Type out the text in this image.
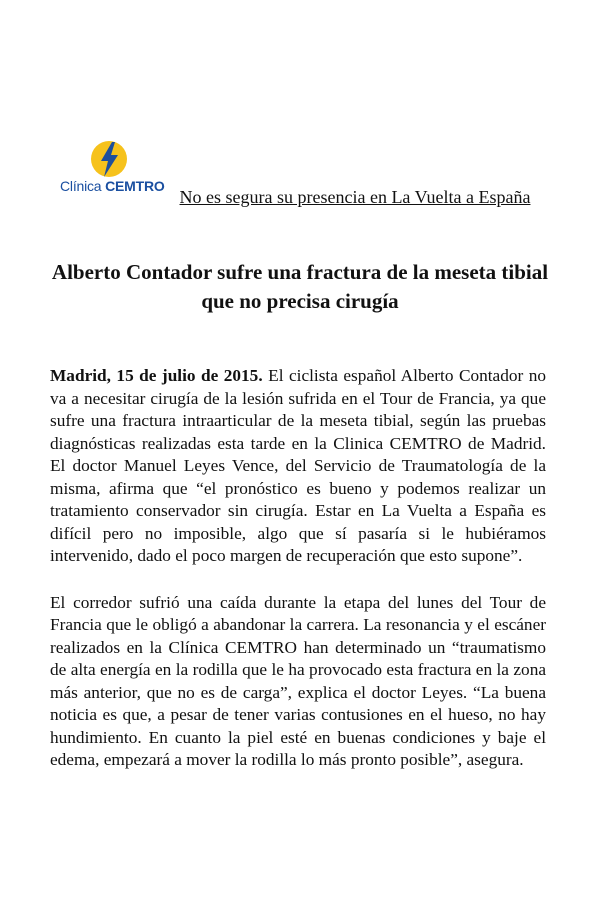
Clínica CEMTRO
No es segura su presencia en La Vuelta a España
Alberto Contador sufre una fractura de la meseta tibial que no precisa cirugía

Madrid, 15 de julio de 2015. El ciclista español Alberto Contador no va a necesitar cirugía de la lesión sufrida en el Tour de Francia, ya que sufre una fractura intraarticular de la meseta tibial, según las pruebas diagnósticas realizadas esta tarde en la Clinica CEMTRO de Madrid. El doctor Manuel Leyes Vence, del Servicio de Traumatología de la misma, afirma que “el pronóstico es bueno y podemos realizar un tratamiento conservador sin cirugía. Estar en La Vuelta a España es difícil pero no imposible, algo que sí pasaría si le hubiéramos intervenido, dado el poco margen de recuperación que esto supone”.

El corredor sufrió una caída durante la etapa del lunes del Tour de Francia que le obligó a abandonar la carrera. La resonancia y el escáner realizados en la Clínica CEMTRO han determinado un “traumatismo de alta energía en la rodilla que le ha provocado esta fractura en la zona más anterior, que no es de carga”, explica el doctor Leyes. “La buena noticia es que, a pesar de tener varias contusiones en el hueso, no hay hundimiento. En cuanto la piel esté en buenas condiciones y baje el edema, empezará a mover la rodilla lo más pronto posible”, asegura.
